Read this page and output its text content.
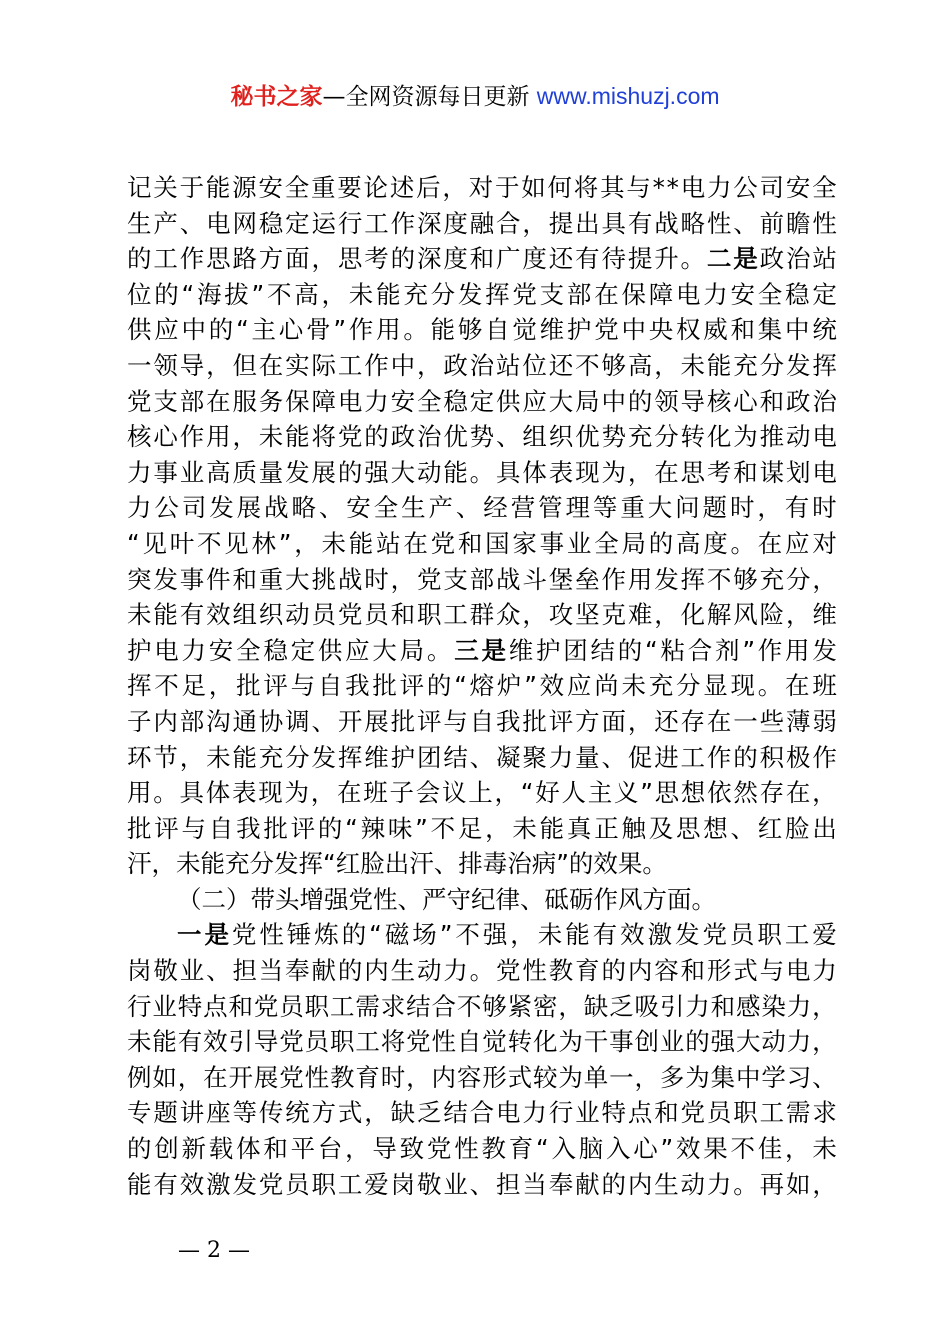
秘书之家—全网资源每日更新 www.mishuzj.com
记 关 于 能 源 安 全 重 要 论 述 后 ， 对 于 如 何 将 其 与 * * 电 力 公 司 安 全
生 产 、 电 网 稳 定 运 行 工 作 深 度 融 合 ， 提 出 具 有 战 略 性 、 前 瞻 性
的 工 作 思 路 方 面 ， 思 考 的 深 度 和 广 度 还 有 待 提 升 。 二 是 政 治 站
位 的 “ 海 拔 ” 不 高 ， 未 能 充 分 发 挥 党 支 部 在 保 障 电 力 安 全 稳 定
供 应 中 的 “ 主 心 骨 ” 作 用 。 能 够 自 觉 维 护 党 中 央 权 威 和 集 中 统
一 领 导 ， 但 在 实 际 工 作 中 ， 政 治 站 位 还 不 够 高 ， 未 能 充 分 发 挥
党 支 部 在 服 务 保 障 电 力 安 全 稳 定 供 应 大 局 中 的 领 导 核 心 和 政 治
核 心 作 用 ， 未 能 将 党 的 政 治 优 势 、 组 织 优 势 充 分 转 化 为 推 动 电
力 事 业 高 质 量 发 展 的 强 大 动 能 。 具 体 表 现 为 ， 在 思 考 和 谋 划 电
力 公 司 发 展 战 略 、 安 全 生 产 、 经 营 管 理 等 重 大 问 题 时 ， 有 时
“ 见 叶 不 见 林 ” ， 未 能 站 在 党 和 国 家 事 业 全 局 的 高 度 。 在 应 对
突 发 事 件 和 重 大 挑 战 时 ， 党 支 部 战 斗 堡 垒 作 用 发 挥 不 够 充 分 ，
未 能 有 效 组 织 动 员 党 员 和 职 工 群 众 ， 攻 坚 克 难 ， 化 解 风 险 ， 维
护 电 力 安 全 稳 定 供 应 大 局 。 三 是 维 护 团 结 的 “ 粘 合 剂 ” 作 用 发
挥 不 足 ， 批 评 与 自 我 批 评 的 “ 熔 炉 ” 效 应 尚 未 充 分 显 现 。 在 班
子 内 部 沟 通 协 调 、 开 展 批 评 与 自 我 批 评 方 面 ， 还 存 在 一 些 薄 弱
环 节 ， 未 能 充 分 发 挥 维 护 团 结 、 凝 聚 力 量 、 促 进 工 作 的 积 极 作
用 。 具 体 表 现 为 ， 在 班 子 会 议 上 ， “ 好 人 主 义 ” 思 想 依 然 存 在 ，
批 评 与 自 我 批 评 的 “ 辣 味 ” 不 足 ， 未 能 真 正 触 及 思 想 、 红 脸 出
汗，未能充分发挥“红脸出汗、排毒治病”的效果。
（二）带头增强党性、严守纪律、砥砺作风方面。
一 是 党 性 锤 炼 的 “ 磁 场 ” 不 强 ， 未 能 有 效 激 发 党 员 职 工 爱
岗 敬 业 、 担 当 奉 献 的 内 生 动 力 。 党 性 教 育 的 内 容 和 形 式 与 电 力
行 业 特 点 和 党 员 职 工 需 求 结 合 不 够 紧 密 ， 缺 乏 吸 引 力 和 感 染 力 ，
未 能 有 效 引 导 党 员 职 工 将 党 性 自 觉 转 化 为 干 事 创 业 的 强 大 动 力 ，
例 如 ， 在 开 展 党 性 教 育 时 ， 内 容 形 式 较 为 单 一 ， 多 为 集 中 学 习 、
专 题 讲 座 等 传 统 方 式 ， 缺 乏 结 合 电 力 行 业 特 点 和 党 员 职 工 需 求
的 创 新 载 体 和 平 台 ， 导 致 党 性 教 育 “ 入 脑 入 心 ” 效 果 不 佳 ， 未
能 有 效 激 发 党 员 职 工 爱 岗 敬 业 、 担 当 奉 献 的 内 生 动 力 。 再 如 ，
— 2 —
